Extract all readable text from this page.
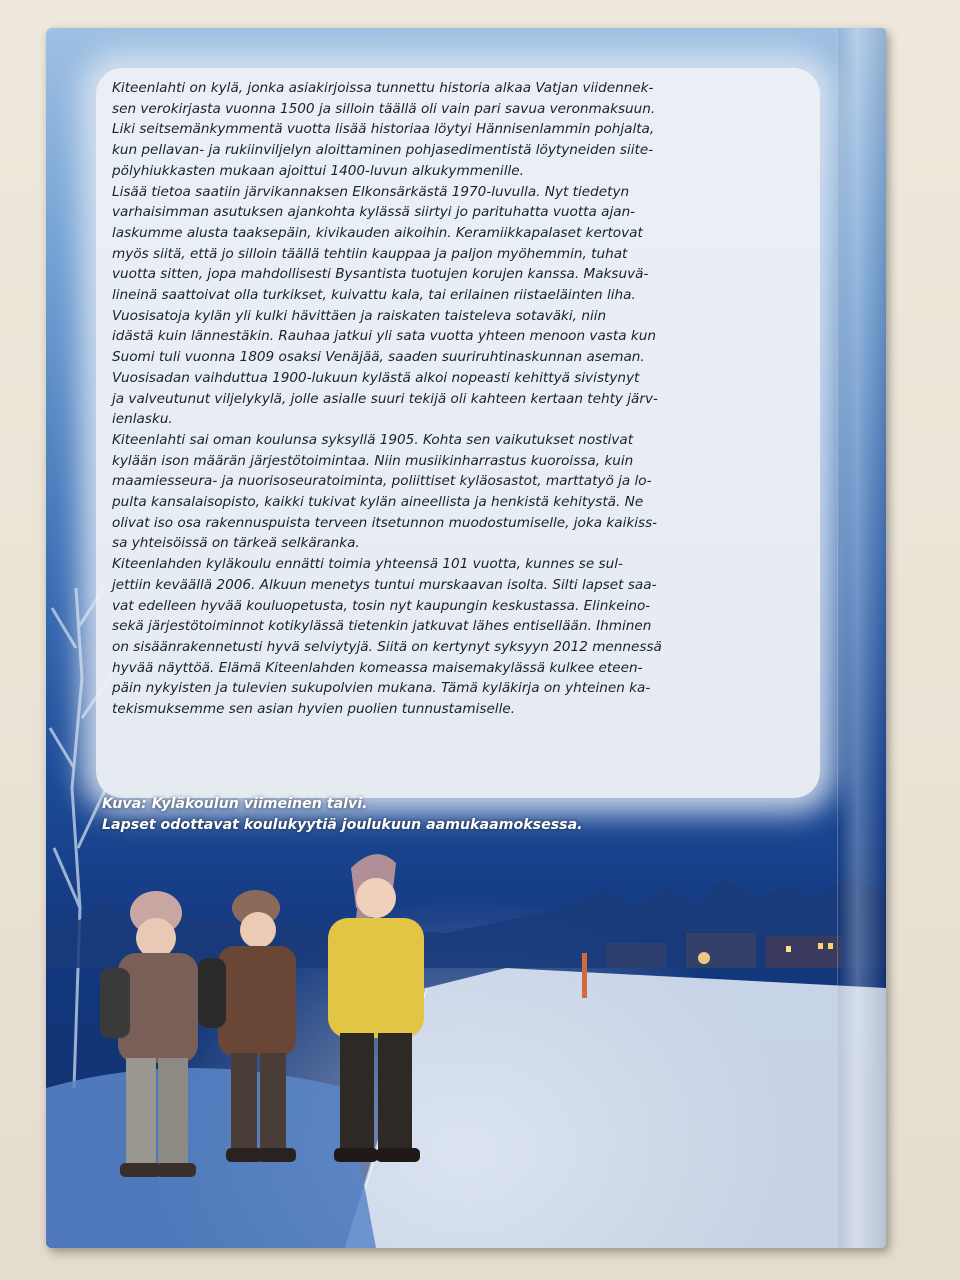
Kiteenlahti on kylä, jonka asiakirjoissa tunnettu historia alkaa Vatjan viidennek-
sen verokirjasta vuonna 1500 ja silloin täällä oli vain pari savua veronmaksuun.
Liki seitsemänkymmentä vuotta lisää historiaa löytyi Hännisenlammin pohjalta,
kun pellavan- ja rukiinviljelyn aloittaminen pohjasedimentistä löytyneiden siite-
pölyhiukkasten mukaan ajoittui 1400-luvun alkukymmenille.
Lisää tietoa saatiin järvikannaksen Elkonsärkästä 1970-luvulla. Nyt tiedetyn
varhaisimman asutuksen ajankohta kylässä siirtyi jo parituhatta vuotta ajan-
laskumme alusta taaksepäin, kivikauden aikoihin. Keramiikkapalaset kertovat
myös siitä, että jo silloin täällä tehtiin kauppaa ja paljon myöhemmin, tuhat
vuotta sitten, jopa mahdollisesti Bysantista tuotujen korujen kanssa. Maksuvä-
lineinä saattoivat olla turkikset, kuivattu kala, tai erilainen riistaeläinten liha.
Vuosisatoja kylän yli kulki hävittäen ja raiskaten taisteleva sotaväki, niin
idästä kuin lännestäkin. Rauhaa jatkui yli sata vuotta yhteen menoon vasta kun
Suomi tuli vuonna 1809 osaksi Venäjää, saaden suuriruhtinaskunnan aseman.
Vuosisadan vaihduttua 1900-lukuun kylästä alkoi nopeasti kehittyä sivistynyt
ja valveutunut viljelykylä, jolle asialle suuri tekijä oli kahteen kertaan tehty järv-
ienlasku.
Kiteenlahti sai oman koulunsa syksyllä 1905. Kohta sen vaikutukset nostivat
kylään ison määrän järjestötoimintaa. Niin musiikinharrastus kuoroissa, kuin
maamiesseura- ja nuorisoseuratoiminta, poliittiset kyläosastot, marttatyö ja lo-
pulta kansalaisopisto, kaikki tukivat kylän aineellista ja henkistä kehitystä. Ne
olivat iso osa rakennuspuista terveen itsetunnon muodostumiselle, joka kaikiss-
sa yhteisöissä on tärkeä selkäranka.
Kiteenlahden kyläkoulu ennätti toimia yhteensä 101 vuotta, kunnes se sul-
jettiin keväällä 2006. Alkuun menetys tuntui murskaavan isolta. Silti lapset saa-
vat edelleen hyvää kouluopetusta, tosin nyt kaupungin keskustassa. Elinkeino-
sekä järjestötoiminnot kotikylässä tietenkin jatkuvat lähes entisellään. Ihminen
on sisäänrakennetusti hyvä selviytyjä. Siitä on kertynyt syksyyn 2012 mennessä
hyvää näyttöä. Elämä Kiteenlahden komeassa maisemakylässä kulkee eteen-
päin nykyisten ja tulevien sukupolvien mukana. Tämä kyläkirja on yhteinen ka-
tekismuksemme sen asian hyvien puolien tunnustamiselle.

Kuva: Kyläkoulun viimeinen talvi.
Lapset odottavat koulukyytiä joulukuun aamukaamoksessa.
